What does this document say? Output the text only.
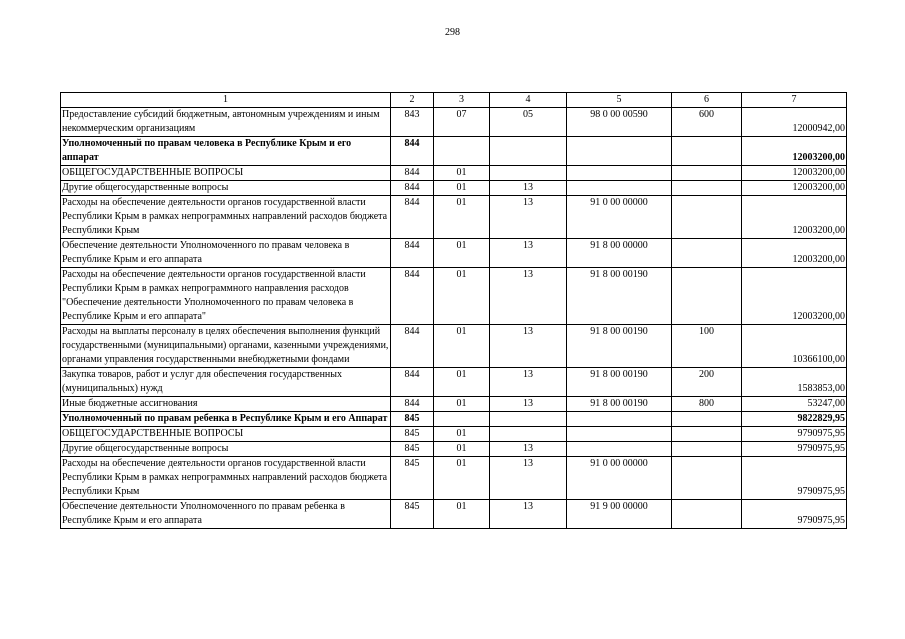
298
1	2	3	4	5	6	7
Предоставление субсидий бюджетным, автономным учреждениям и иным некоммерческим организациям	843	07	05	98 0 00 00590	600	12000942,00
Уполномоченный по правам человека в Республике Крым и его аппарат	844					12003200,00
ОБЩЕГОСУДАРСТВЕННЫЕ ВОПРОСЫ	844	01				12003200,00
Другие общегосударственные вопросы	844	01	13			12003200,00
Расходы на обеспечение деятельности органов государственной власти Республики Крым в рамках непрограммных направлений расходов бюджета Республики Крым	844	01	13	91 0 00 00000		12003200,00
Обеспечение деятельности Уполномоченного по правам человека в Республике Крым и его аппарата	844	01	13	91 8 00 00000		12003200,00
Расходы на обеспечение деятельности органов государственной власти Республики Крым в рамках непрограммного направления расходов "Обеспечение деятельности Уполномоченного по правам человека в Республике Крым и его аппарата"	844	01	13	91 8 00 00190		12003200,00
Расходы на выплаты персоналу в целях обеспечения выполнения функций государственными (муниципальными) органами, казенными учреждениями, органами управления государственными внебюджетными фондами	844	01	13	91 8 00 00190	100	10366100,00
Закупка товаров, работ и услуг для обеспечения государственных (муниципальных) нужд	844	01	13	91 8 00 00190	200	1583853,00
Иные бюджетные ассигнования	844	01	13	91 8 00 00190	800	53247,00
Уполномоченный по правам ребенка в Республике Крым и его Аппарат	845					9822829,95
ОБЩЕГОСУДАРСТВЕННЫЕ ВОПРОСЫ	845	01				9790975,95
Другие общегосударственные вопросы	845	01	13			9790975,95
Расходы на обеспечение деятельности органов государственной власти Республики Крым в рамках непрограммных направлений расходов бюджета Республики Крым	845	01	13	91 0 00 00000		9790975,95
Обеспечение деятельности Уполномоченного по правам ребенка в Республике Крым и его аппарата	845	01	13	91 9 00 00000		9790975,95
